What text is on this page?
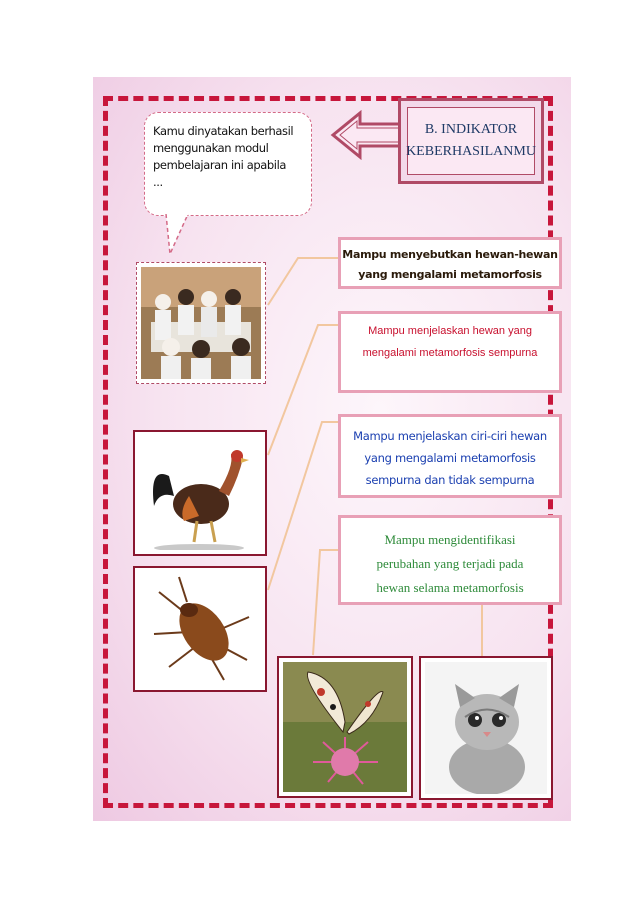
Kamu dinyatakan berhasil
menggunakan modul
pembelajaran ini apabila
...
B. INDIKATOR
KEBERHASILANMU
Mampu menyebutkan hewan-hewan
yang mengalami metamorfosis
Mampu menjelaskan hewan yang
mengalami metamorfosis sempurna
Mampu menjelaskan ciri-ciri hewan
yang mengalami metamorfosis
sempurna dan tidak sempurna
Mampu mengidentifikasi
perubahan yang terjadi pada
hewan selama metamorfosis
